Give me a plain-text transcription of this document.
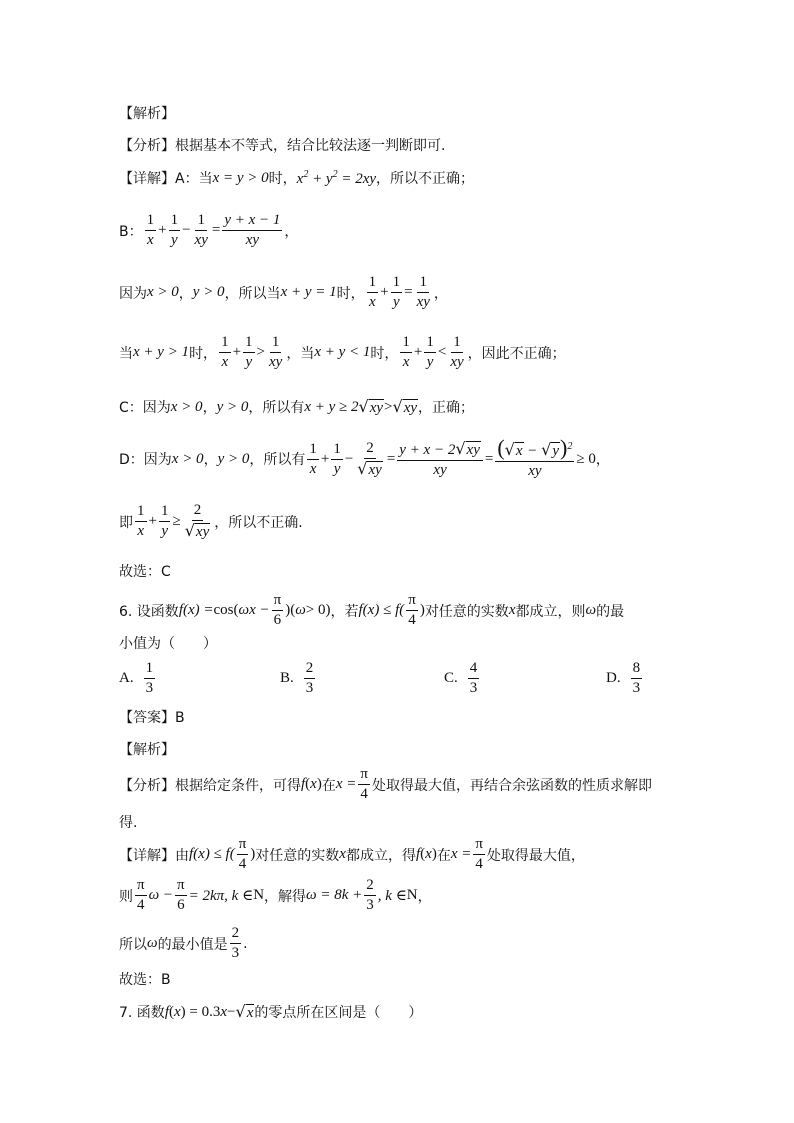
【解析】
【分析】 根据基本不等式，结合比较法逐一判断即可.
【详解】 A：当 x = y > 0 时， $x^2 + y^2 = 2xy$ ，所以不正确；
B： $\frac{1}{x} + \frac{1}{y} - \frac{1}{xy} = \frac{y + x - 1}{xy}$ ，
因为 x > 0 ， y > 0 ，所以当 x + y = 1 时， $\frac{1}{x} + \frac{1}{y} = \frac{1}{xy}$ ，
当 x + y > 1 时， $\frac{1}{x} + \frac{1}{y} > \frac{1}{xy}$ ，当 x + y < 1 时， $\frac{1}{x} + \frac{1}{y} < \frac{1}{xy}$ ，因此不正确；
C：因为 x > 0 ， y > 0 ，所以有 x + y ≥ 2 √ xy > √ xy ，正确；
D：因为 x > 0 ， y > 0 ，所以有 $\frac{1}{x} + \frac{1}{y} - \frac{2}{√ xy} = \frac{y + x - 2 √ xy}{xy} = \frac{( √ x - √ y )^2}{xy} \ge 0$ ，
即 $\frac{1}{x} + \frac{1}{y} \ge \frac{2}{√ xy}$ ，所以不正确.
故选：C
6. 设函数 f(x) = cos( $\omega x - \frac{\pi}{6}$ )( ω > 0) ，若 $f(x) \le f( \frac{\pi}{4}$ ) 对任意的实数 x 都成立，则 ω 的最
小值为（　　）
A. $\frac{1}{3}$	B. $\frac{2}{3}$	C. $\frac{4}{3}$	D. $\frac{8}{3}$
【答案】B
【解析】
【分析】 根据给定条件，可得 f ( x ) 在 $x = \frac{\pi}{4}$ 处取得最大值，再结合余弦函数的性质求解即
得.
【详解】 由 $f(x) \le f( \frac{\pi}{4}$ ) 对任意的实数 x 都成立，得 f ( x ) 在 $x = \frac{\pi}{4}$ 处取得最大值，
则 $\frac{\pi}{4}$ $\omega - \frac{\pi}{6} = 2k\pi$, k ∈ N ，解得 $\omega = 8k + \frac{2}{3}$ , k ∈ N ，
所以 ω 的最小值是 $\frac{2}{3}$ .
故选：B
7. 函数 f ( x ) = 0.3 x − √ x 的零点所在区间是（　　）
